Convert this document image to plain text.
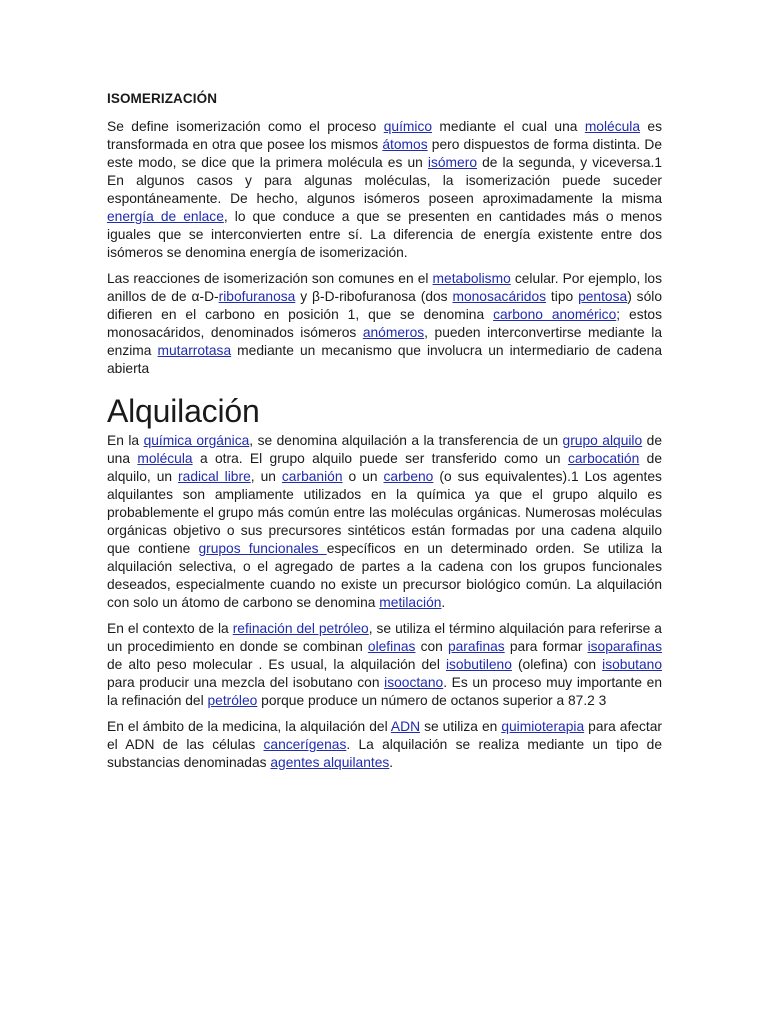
ISOMERIZACIÓN

Se define isomerización como el proceso químico mediante el cual una molécula es transformada en otra que posee los mismos átomos pero dispuestos de forma distinta. De este modo, se dice que la primera molécula es un isómero de la segunda, y viceversa.1 En algunos casos y para algunas moléculas, la isomerización puede suceder espontáneamente. De hecho, algunos isómeros poseen aproximadamente la misma energía de enlace, lo que conduce a que se presenten en cantidades más o menos iguales que se interconvierten entre sí. La diferencia de energía existente entre dos isómeros se denomina energía de isomerización.

Las reacciones de isomerización son comunes en el metabolismo celular. Por ejemplo, los anillos de de α-D-ribofuranosa y β-D-ribofuranosa (dos monosacáridos tipo pentosa) sólo difieren en el carbono en posición 1, que se denomina carbono anomérico; estos monosacáridos, denominados isómeros anómeros, pueden interconvertirse mediante la enzima mutarrotasa mediante un mecanismo que involucra un intermediario de cadena abierta

Alquilación

En la química orgánica, se denomina alquilación a la transferencia de un grupo alquilo de una molécula a otra. El grupo alquilo puede ser transferido como un carbocatión de alquilo, un radical libre, un carbanión o un carbeno (o sus equivalentes).1 Los agentes alquilantes son ampliamente utilizados en la química ya que el grupo alquilo es probablemente el grupo más común entre las moléculas orgánicas. Numerosas moléculas orgánicas objetivo o sus precursores sintéticos están formadas por una cadena alquilo que contiene grupos funcionales específicos en un determinado orden. Se utiliza la alquilación selectiva, o el agregado de partes a la cadena con los grupos funcionales deseados, especialmente cuando no existe un precursor biológico común. La alquilación con solo un átomo de carbono se denomina metilación.

En el contexto de la refinación del petróleo, se utiliza el término alquilación para referirse a un procedimiento en donde se combinan olefinas con parafinas para formar isoparafinas de alto peso molecular . Es usual, la alquilación del isobutileno (olefina) con isobutano para producir una mezcla del isobutano con isooctano. Es un proceso muy importante en la refinación del petróleo porque produce un número de octanos superior a 87.2 3

En el ámbito de la medicina, la alquilación del ADN se utiliza en quimioterapia para afectar el ADN de las células cancerígenas. La alquilación se realiza mediante un tipo de substancias denominadas agentes alquilantes.
